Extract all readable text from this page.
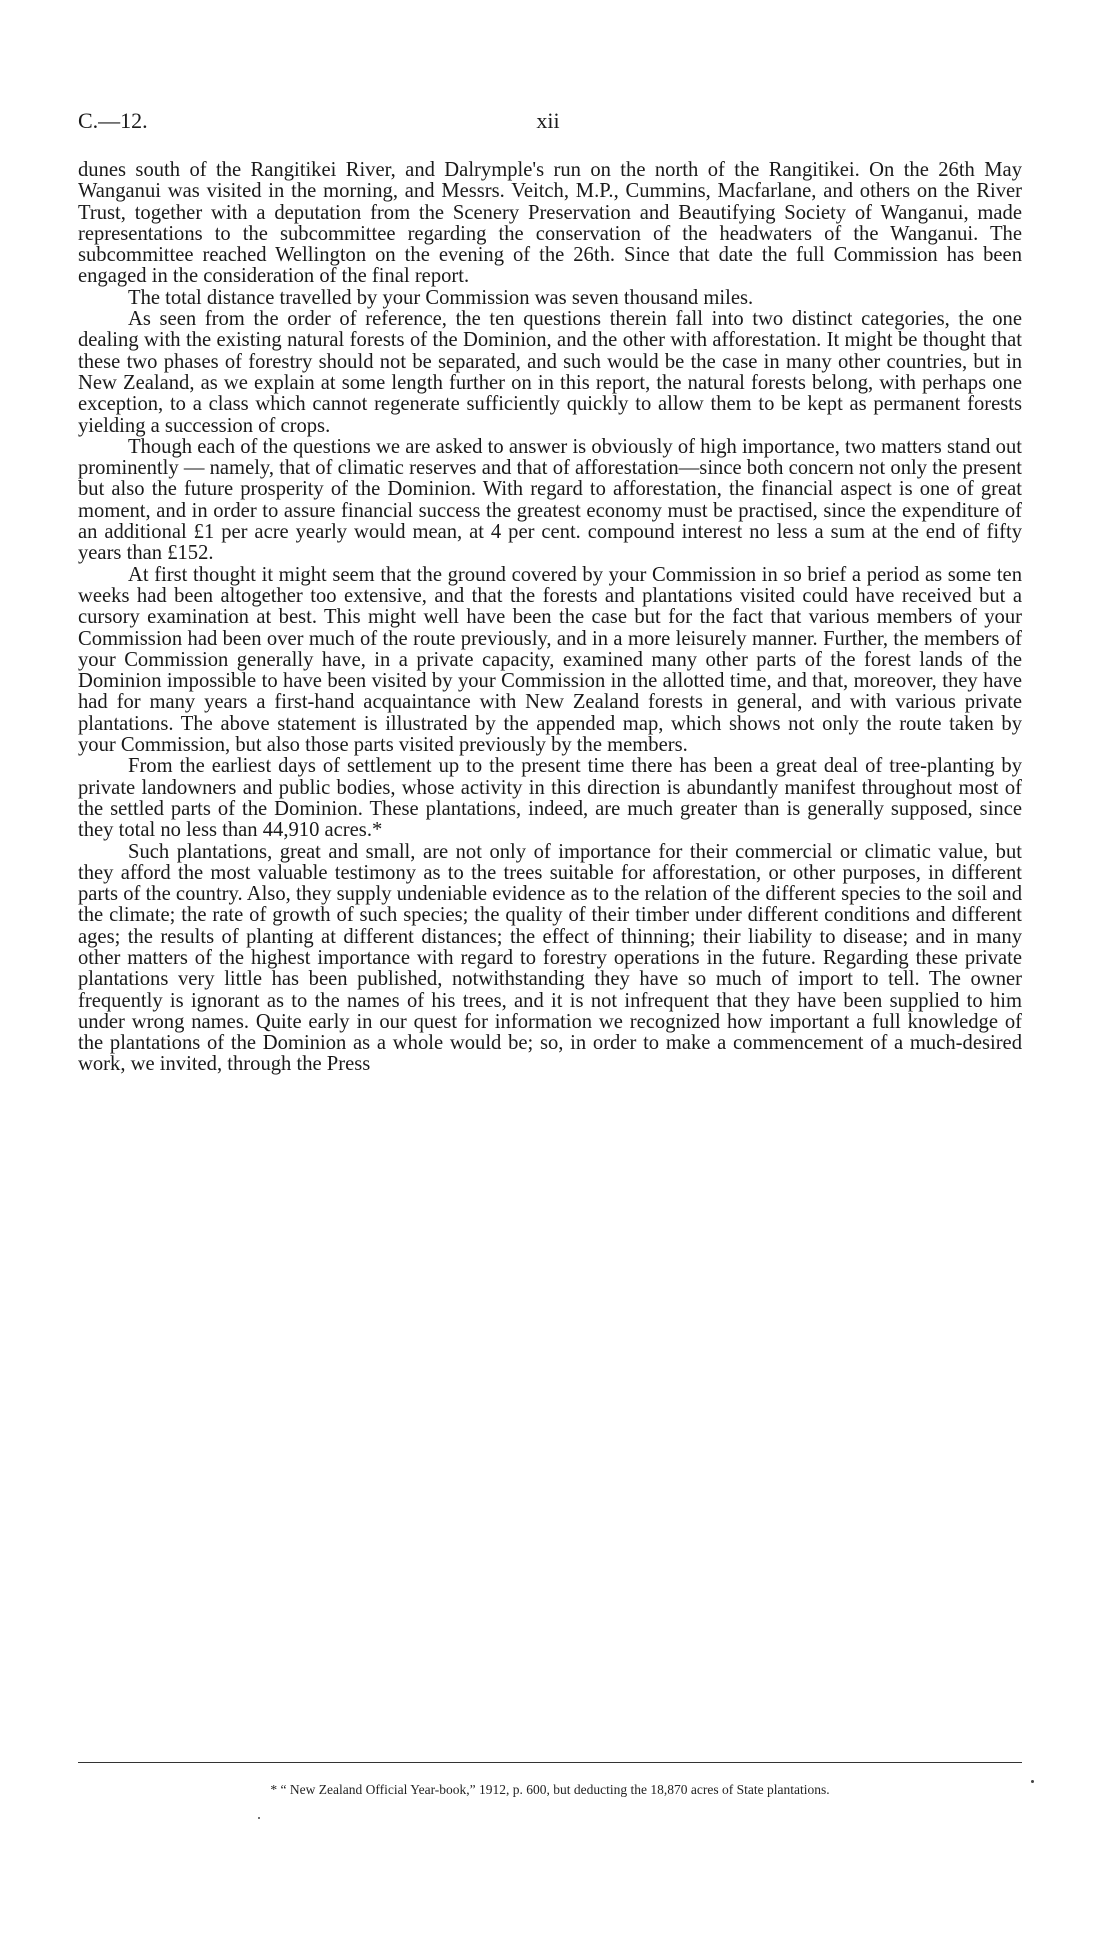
C.—12.	xii

dunes south of the Rangitikei River, and Dalrymple's run on the north of the Rangitikei. On the 26th May Wanganui was visited in the morning, and Messrs. Veitch, M.P., Cummins, Macfarlane, and others on the River Trust, together with a deputation from the Scenery Preservation and Beautifying Society of Wanganui, made representations to the subcommittee regarding the conservation of the headwaters of the Wanganui. The subcommittee reached Wellington on the evening of the 26th. Since that date the full Commission has been engaged in the consideration of the final report.

The total distance travelled by your Commission was seven thousand miles.

As seen from the order of reference, the ten questions therein fall into two distinct categories, the one dealing with the existing natural forests of the Dominion, and the other with afforestation. It might be thought that these two phases of forestry should not be separated, and such would be the case in many other countries, but in New Zealand, as we explain at some length further on in this report, the natural forests belong, with perhaps one exception, to a class which cannot regenerate sufficiently quickly to allow them to be kept as permanent forests yielding a succession of crops.

Though each of the questions we are asked to answer is obviously of high importance, two matters stand out prominently — namely, that of climatic reserves and that of afforestation—since both concern not only the present but also the future prosperity of the Dominion. With regard to afforestation, the financial aspect is one of great moment, and in order to assure financial success the greatest economy must be practised, since the expenditure of an additional £1 per acre yearly would mean, at 4 per cent. compound interest no less a sum at the end of fifty years than £152.

At first thought it might seem that the ground covered by your Commission in so brief a period as some ten weeks had been altogether too extensive, and that the forests and plantations visited could have received but a cursory examination at best. This might well have been the case but for the fact that various members of your Commission had been over much of the route previously, and in a more leisurely manner. Further, the members of your Commission generally have, in a private capacity, examined many other parts of the forest lands of the Dominion impossible to have been visited by your Commission in the allotted time, and that, moreover, they have had for many years a first-hand acquaintance with New Zealand forests in general, and with various private plantations. The above statement is illustrated by the appended map, which shows not only the route taken by your Commission, but also those parts visited previously by the members.

From the earliest days of settlement up to the present time there has been a great deal of tree-planting by private landowners and public bodies, whose activity in this direction is abundantly manifest throughout most of the settled parts of the Dominion. These plantations, indeed, are much greater than is generally supposed, since they total no less than 44,910 acres.*

Such plantations, great and small, are not only of importance for their commercial or climatic value, but they afford the most valuable testimony as to the trees suitable for afforestation, or other purposes, in different parts of the country. Also, they supply undeniable evidence as to the relation of the different species to the soil and the climate; the rate of growth of such species; the quality of their timber under different conditions and different ages; the results of planting at different distances; the effect of thinning; their liability to disease; and in many other matters of the highest importance with regard to forestry operations in the future. Regarding these private plantations very little has been published, notwithstanding they have so much of import to tell. The owner frequently is ignorant as to the names of his trees, and it is not infrequent that they have been supplied to him under wrong names. Quite early in our quest for information we recognized how important a full knowledge of the plantations of the Dominion as a whole would be; so, in order to make a commencement of a much-desired work, we invited, through the Press

* “ New Zealand Official Year-book,” 1912, p. 600, but deducting the 18,870 acres of State plantations.
